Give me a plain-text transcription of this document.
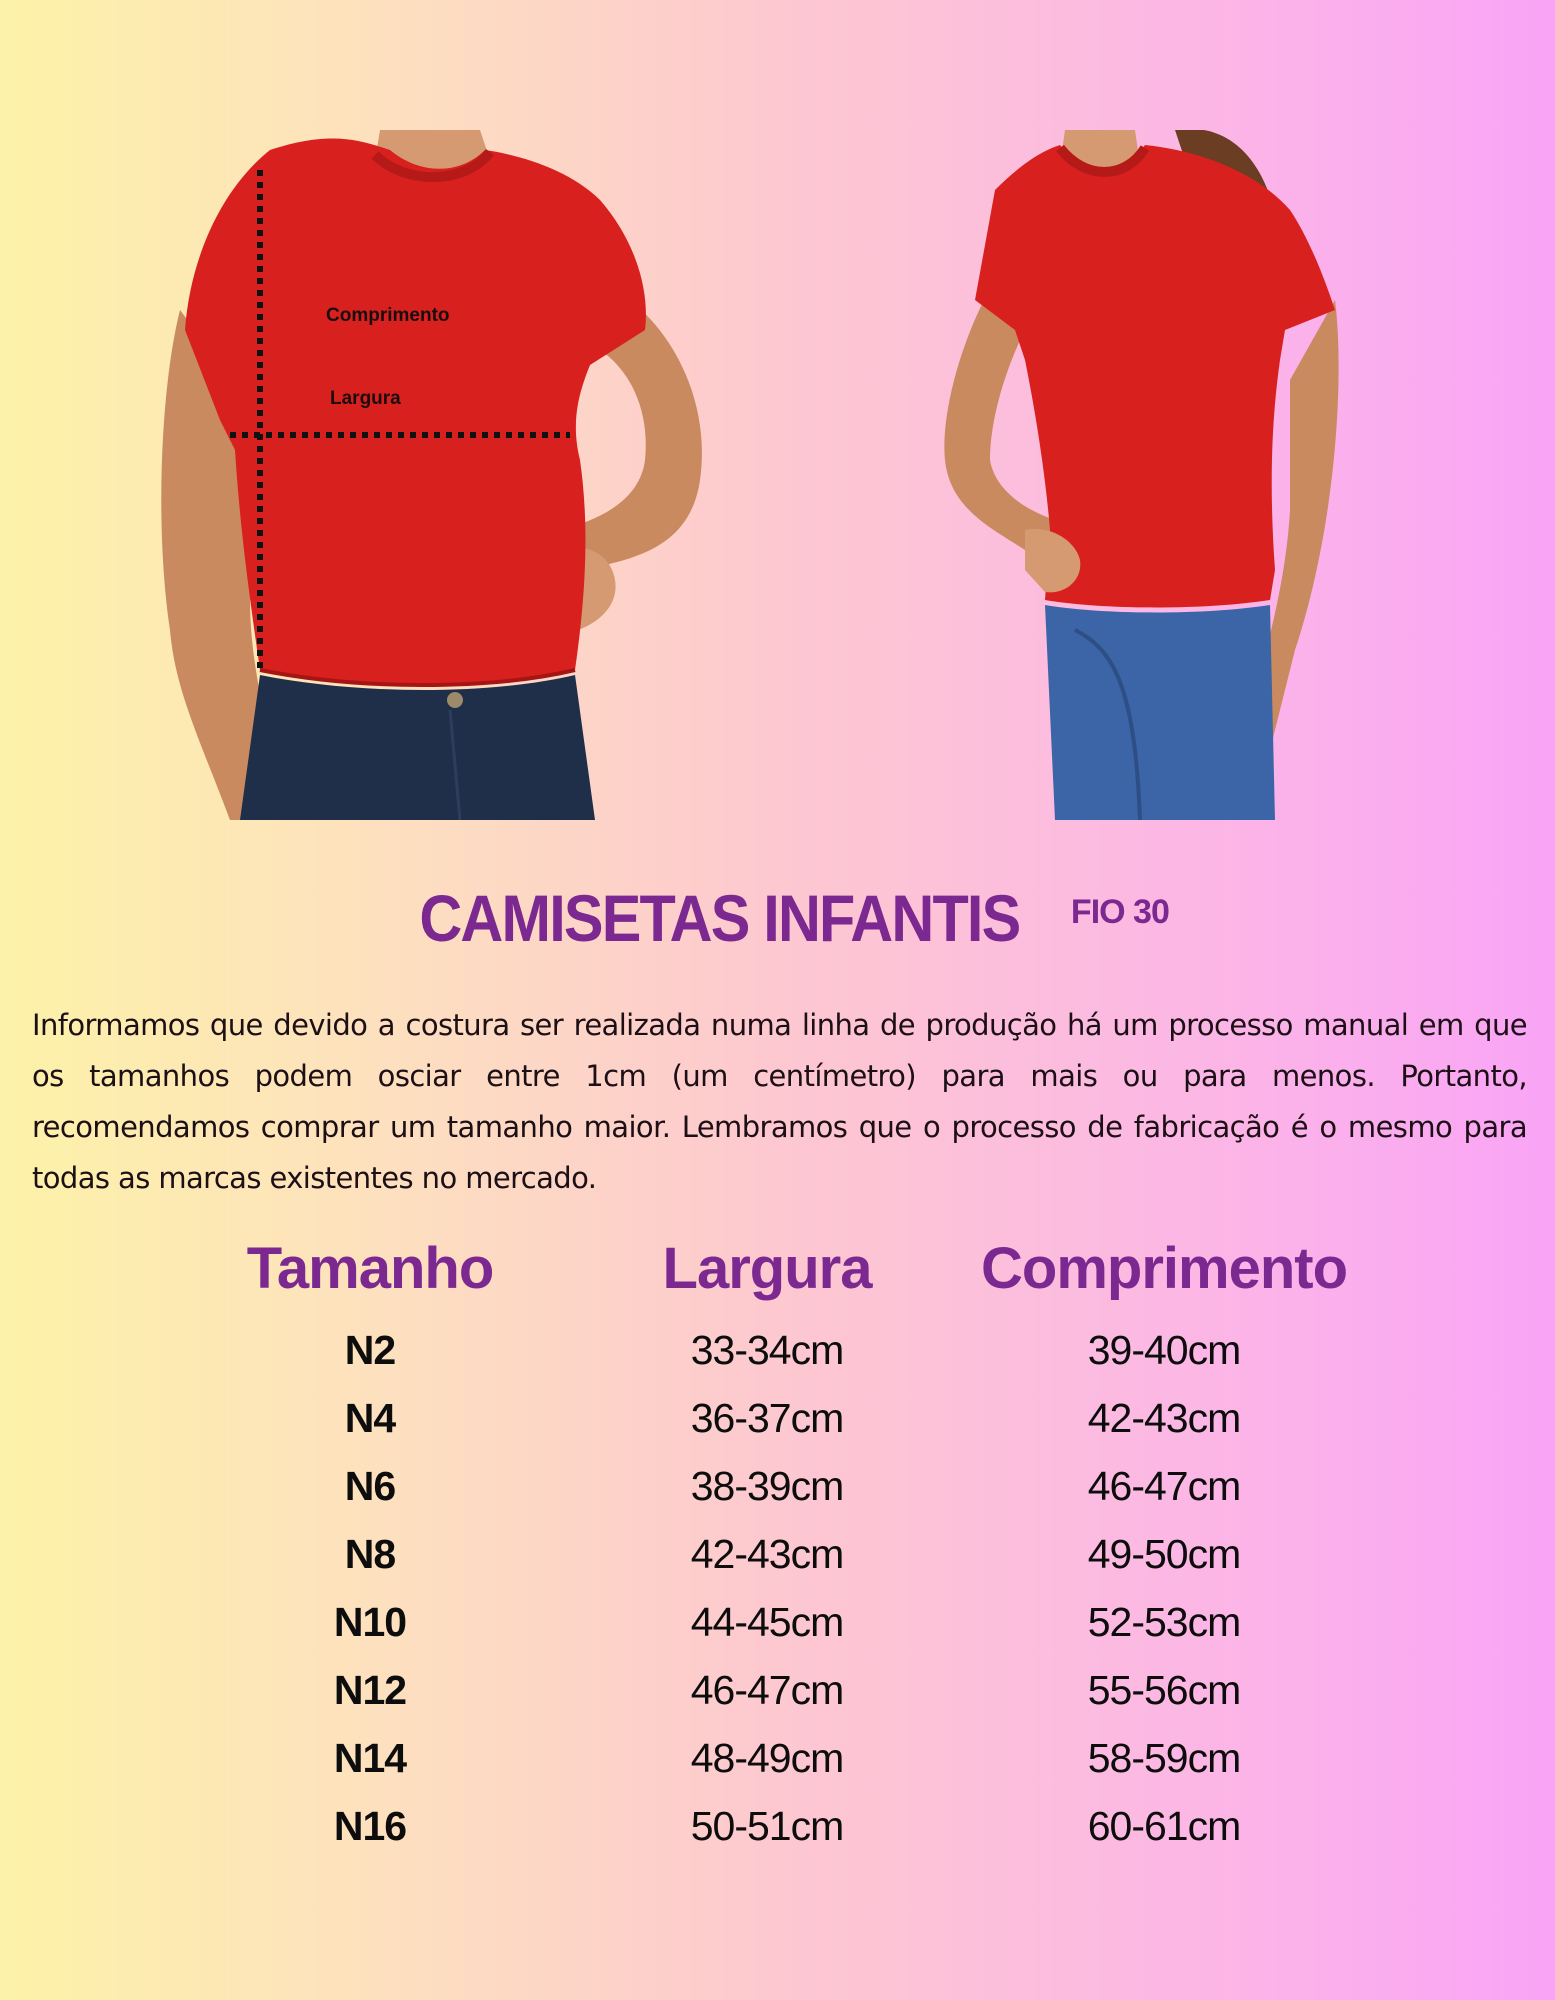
Comprimento
Largura
CAMISETAS INFANTIS FIO 30
Informamos que devido a costura ser realizada numa linha de produção há um processo manual em que os tamanhos podem osciar entre 1cm (um centímetro) para mais ou para menos. Portanto, recomendamos comprar um tamanho maior. Lembramos que o processo de fabricação é o mesmo para todas as marcas existentes no mercado.
Tamanho	Largura	Comprimento
N2	33-34cm	39-40cm
N4	36-37cm	42-43cm
N6	38-39cm	46-47cm
N8	42-43cm	49-50cm
N10	44-45cm	52-53cm
N12	46-47cm	55-56cm
N14	48-49cm	58-59cm
N16	50-51cm	60-61cm
